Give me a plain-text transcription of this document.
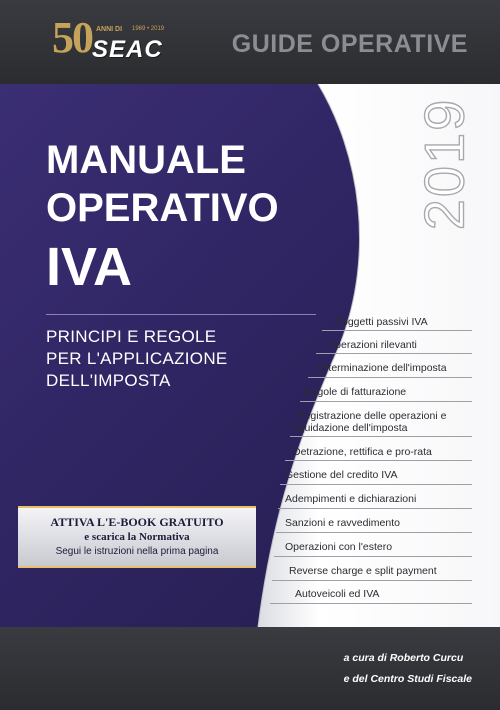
50 ANNI DI 1969 • 2019
SEAC	GUIDE OPERATIVE
2019
MANUALE
OPERATIVO
IVA
PRINCIPI E REGOLE
PER L'APPLICAZIONE
DELL'IMPOSTA
Soggetti passivi IVA
Operazioni rilevanti
Determinazione dell'imposta
Regole di fatturazione
Registrazione delle operazioni e
liquidazione dell'imposta
Detrazione, rettifica e pro-rata
Gestione del credito IVA
Adempimenti e dichiarazioni
Sanzioni e ravvedimento
Operazioni con l'estero
Reverse charge e split payment
Autoveicoli ed IVA
ATTIVA L'E-BOOK GRATUITO
e scarica la Normativa
Segui le istruzioni nella prima pagina
a cura di Roberto Curcu
e del Centro Studi Fiscale
